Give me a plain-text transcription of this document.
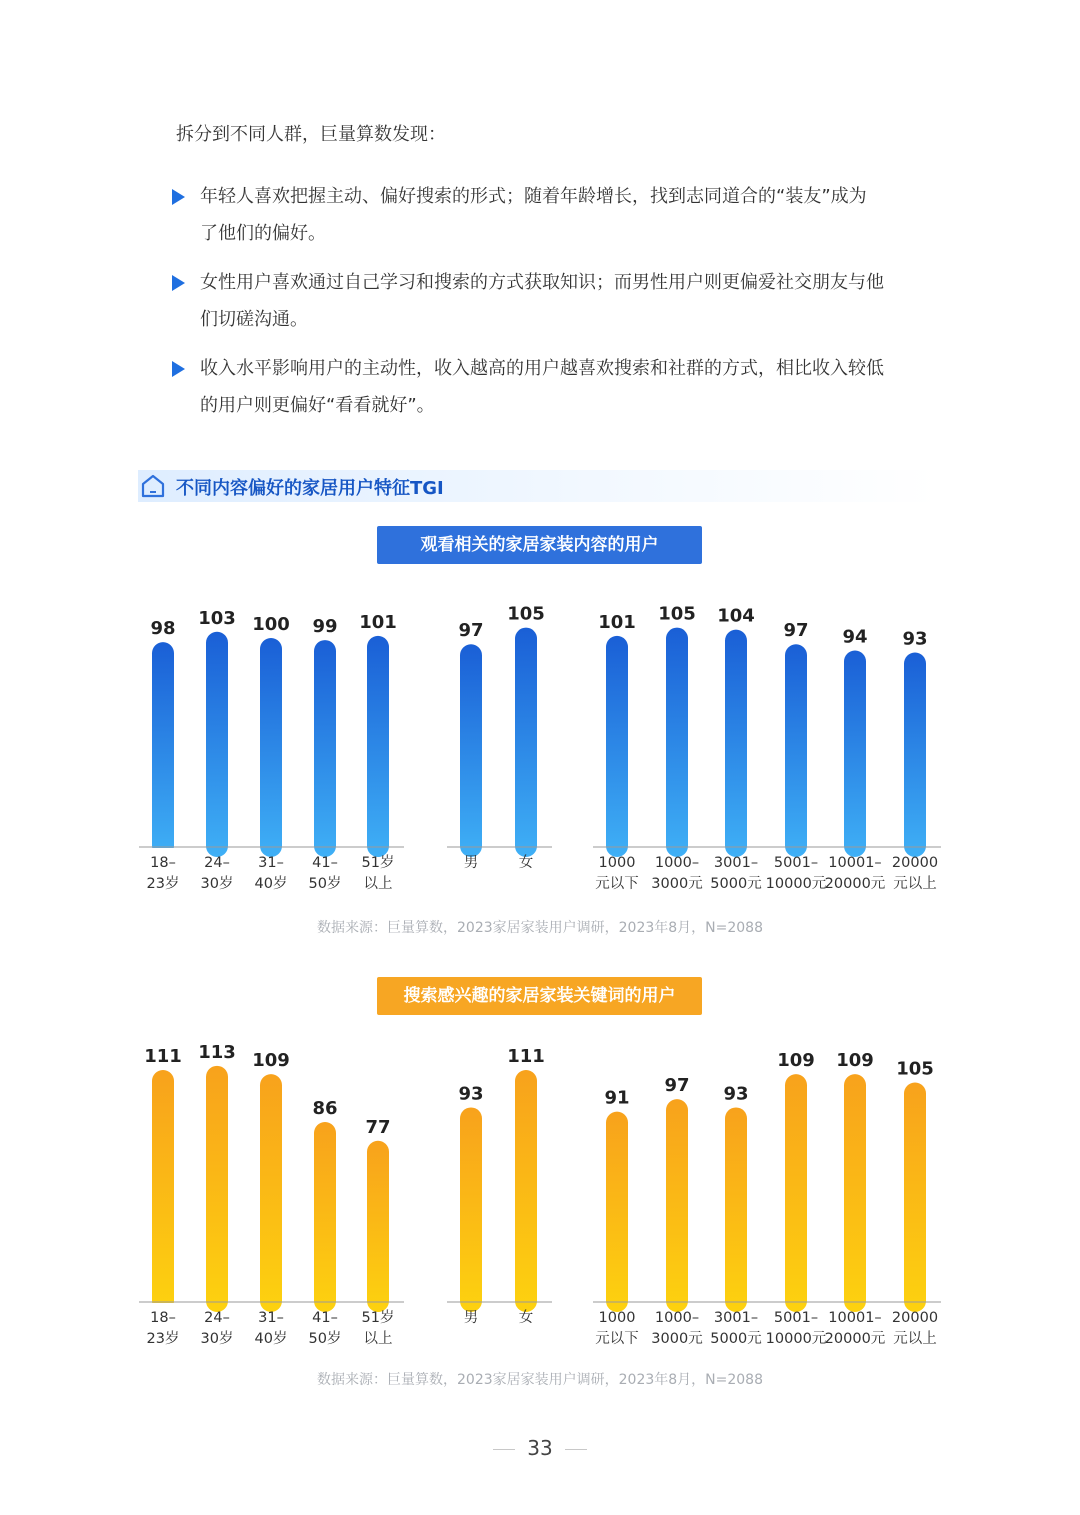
拆分到不同人群，巨量算数发现：
年轻人喜欢把握主动、偏好搜索的形式；随着年龄增长，找到志同道合的“装友”成为
了他们的偏好。
女性用户喜欢通过自己学习和搜索的方式获取知识；而男性用户则更偏爱社交朋友与他
们切磋沟通。
收入水平影响用户的主动性，收入越高的用户越喜欢搜索和社群的方式，相比收入较低
的用户则更偏好“看看就好”。
不同内容偏好的家居用户特征TGI
观看相关的家居家装内容的用户
98
18–
23岁
103
24–
30岁
100
31–
40岁
99
41–
50岁
101
51岁
以上
97
男
105
女
101
1000
元以下
105
1000–
3000元
104
3001–
5000元
97
5001–
10000元
94
10001–
20000元
93
20000
元以上
数据来源：巨量算数，2023家居家装用户调研，2023年8月，N=2088
搜索感兴趣的家居家装关键词的用户
111
18–
23岁
113
24–
30岁
109
31–
40岁
86
41–
50岁
77
51岁
以上
93
男
111
女
91
1000
元以下
97
1000–
3000元
93
3001–
5000元
109
5001–
10000元
109
10001–
20000元
105
20000
元以上
数据来源：巨量算数，2023家居家装用户调研，2023年8月，N=2088
33
